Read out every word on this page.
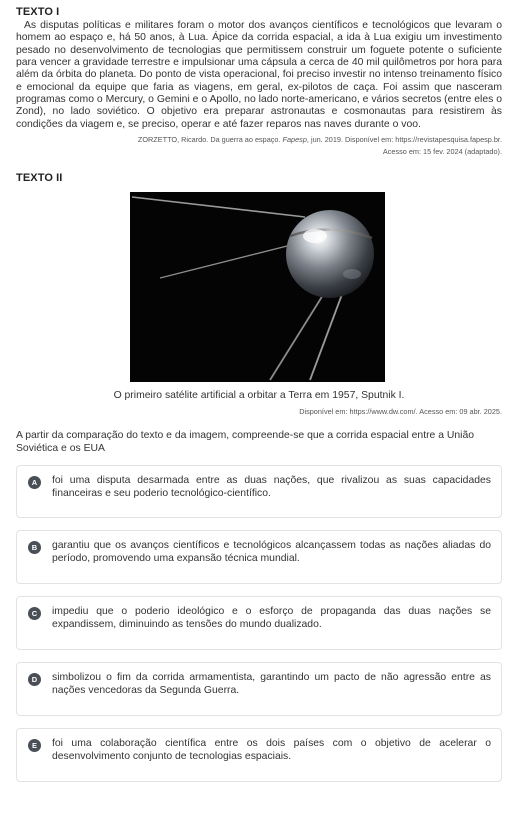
TEXTO I

As disputas políticas e militares foram o motor dos avanços científicos e tecnológicos que levaram o homem ao espaço e, há 50 anos, à Lua. Ápice da corrida espacial, a ida à Lua exigiu um investimento pesado no desenvolvimento de tecnologias que permitissem construir um foguete potente o suficiente para vencer a gravidade terrestre e impulsionar uma cápsula a cerca de 40 mil quilômetros por hora para além da órbita do planeta. Do ponto de vista operacional, foi preciso investir no intenso treinamento físico e emocional da equipe que faria as viagens, em geral, ex-pilotos de caça. Foi assim que nasceram programas como o Mercury, o Gemini e o Apollo, no lado norte-americano, e vários secretos (entre eles o Zond), no lado soviético. O objetivo era preparar astronautas e cosmonautas para resistirem às condições da viagem e, se preciso, operar e até fazer reparos nas naves durante o voo.

ZORZETTO, Ricardo. Da guerra ao espaço. Fapesp, jun. 2019. Disponível em: https://revistapesquisa.fapesp.br.
Acesso em: 15 fev. 2024 (adaptado).
TEXTO II
O primeiro satélite artificial a orbitar a Terra em 1957, Sputnik I.
Disponível em: https://www.dw.com/. Acesso em: 09 abr. 2025.
A partir da comparação do texto e da imagem, compreende-se que a corrida espacial entre a União Soviética e os EUA
A	foi uma disputa desarmada entre as duas nações, que rivalizou as suas capacidades financeiras e seu poderio tecnológico-científico.
B	garantiu que os avanços científicos e tecnológicos alcançassem todas as nações aliadas do período, promovendo uma expansão técnica mundial.
C	impediu que o poderio ideológico e o esforço de propaganda das duas nações se expandissem, diminuindo as tensões do mundo dualizado.
D	simbolizou o fim da corrida armamentista, garantindo um pacto de não agressão entre as nações vencedoras da Segunda Guerra.
E	foi uma colaboração científica entre os dois países com o objetivo de acelerar o desenvolvimento conjunto de tecnologias espaciais.
